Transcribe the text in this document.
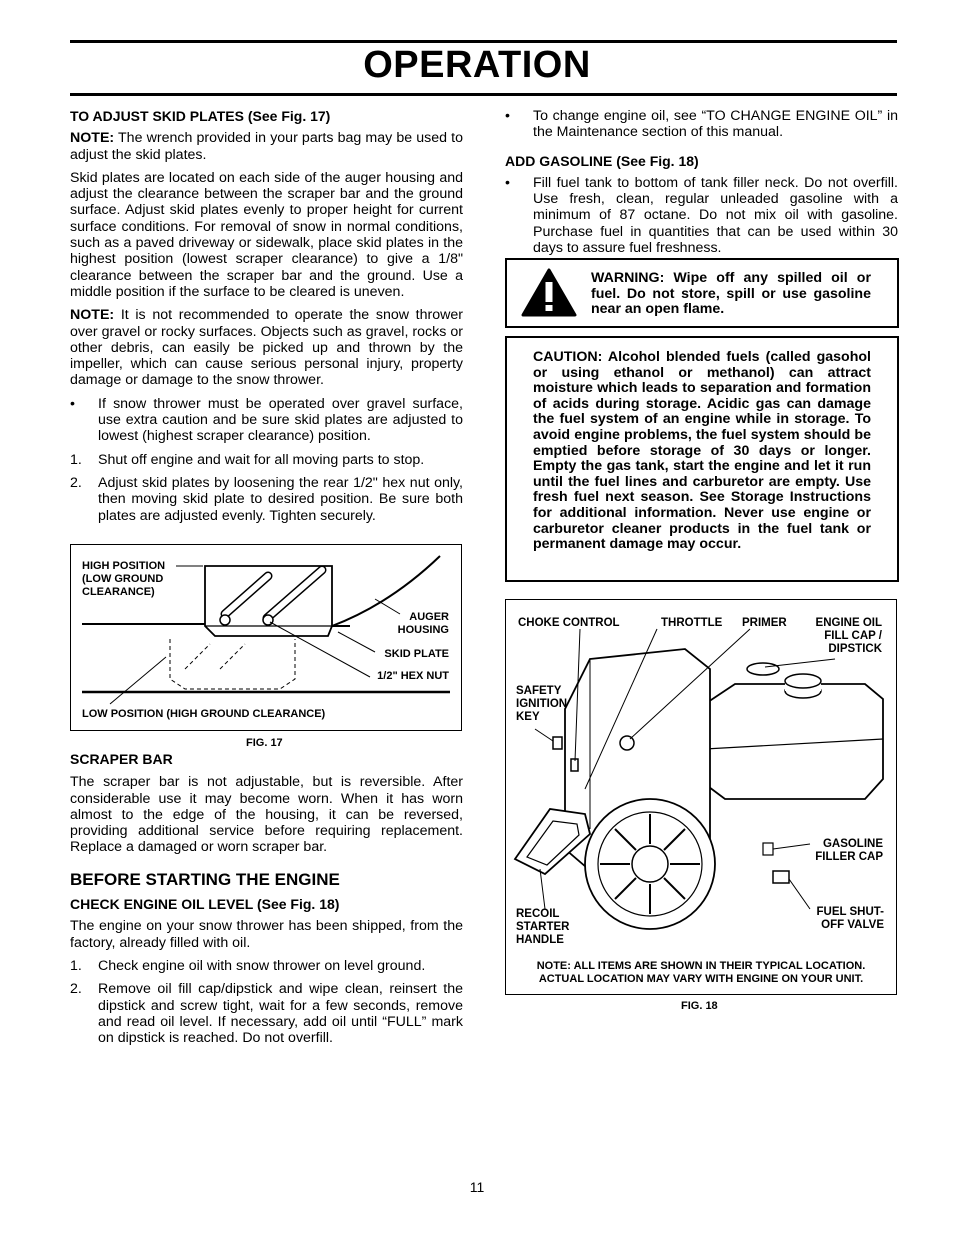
OPERATION
TO ADJUST SKID PLATES (See Fig. 17)

NOTE: The wrench provided in your parts bag may be used to adjust the skid plates.

Skid plates are located on each side of the auger housing and adjust the clearance between the scraper bar and the ground surface. Adjust skid plates evenly to proper height for current surface conditions. For removal of snow in normal conditions, such as a paved driveway or sidewalk, place skid plates in the highest position (lowest scraper clearance) to give a 1/8" clearance between the scraper bar and the ground. Use a middle position if the surface to be cleared is uneven.

NOTE: It is not recommended to operate the snow thrower over gravel or rocky surfaces. Objects such as gravel, rocks or other debris, can easily be picked up and thrown by the impeller, which can cause serious personal injury, property damage or damage to the snow thrower.

• If snow thrower must be operated over gravel surface, use extra caution and be sure skid plates are adjusted to lowest (highest scraper clearance) position.
1. Shut off engine and wait for all moving parts to stop.
2. Adjust skid plates by loosening the rear 1/2" hex nut only, then moving skid plate to desired position. Be sure both plates are adjusted evenly. Tighten securely.
HIGH POSITION
(LOW GROUND
CLEARANCE)
AUGER
HOUSING
SKID PLATE
1/2" HEX NUT
LOW POSITION (HIGH GROUND CLEARANCE)
FIG. 17
SCRAPER BAR

The scraper bar is not adjustable, but is reversible. After considerable use it may become worn. When it has worn almost to the edge of the housing, it can be reversed, providing additional service before requiring replacement. Replace a damaged or worn scraper bar.

BEFORE STARTING THE ENGINE
CHECK ENGINE OIL LEVEL (See Fig. 18)

The engine on your snow thrower has been shipped, from the factory, already filled with oil.

1. Check engine oil with snow thrower on level ground.
2. Remove oil fill cap/dipstick and wipe clean, reinsert the dipstick and screw tight, wait for a few seconds, remove and read oil level. If necessary, add oil until “FULL” mark on dipstick is reached. Do not overfill.
• To change engine oil, see “TO CHANGE ENGINE OIL” in the Maintenance section of this manual.
ADD GASOLINE (See Fig. 18)
• Fill fuel tank to bottom of tank filler neck. Do not overfill. Use fresh, clean, regular unleaded gasoline with a minimum of 87 octane. Do not mix oil with gasoline. Purchase fuel in quantities that can be used within 30 days to assure fuel freshness.
WARNING: Wipe off any spilled oil or fuel. Do not store, spill or use gasoline near an open flame.
CAUTION: Alcohol blended fuels (called gasohol or using ethanol or methanol) can attract moisture which leads to separation and formation of acids during storage. Acidic gas can damage the fuel system of an engine while in storage. To avoid engine problems, the fuel system should be emptied before storage of 30 days or longer. Empty the gas tank, start the engine and let it run until the fuel lines and carburetor are empty. Use fresh fuel next season. See Storage Instructions for additional information. Never use engine or carburetor cleaner products in the fuel tank or permanent damage may occur.
CHOKE CONTROL	THROTTLE PRIMER	ENGINE OIL
FILL CAP /
DIPSTICK
SAFETY
IGNITION
KEY
GASOLINE
FILLER CAP
RECOIL
STARTER
HANDLE
FUEL SHUT-
OFF VALVE
NOTE: ALL ITEMS ARE SHOWN IN THEIR TYPICAL LOCATION.
ACTUAL LOCATION MAY VARY WITH ENGINE ON YOUR UNIT.
FIG. 18
11
